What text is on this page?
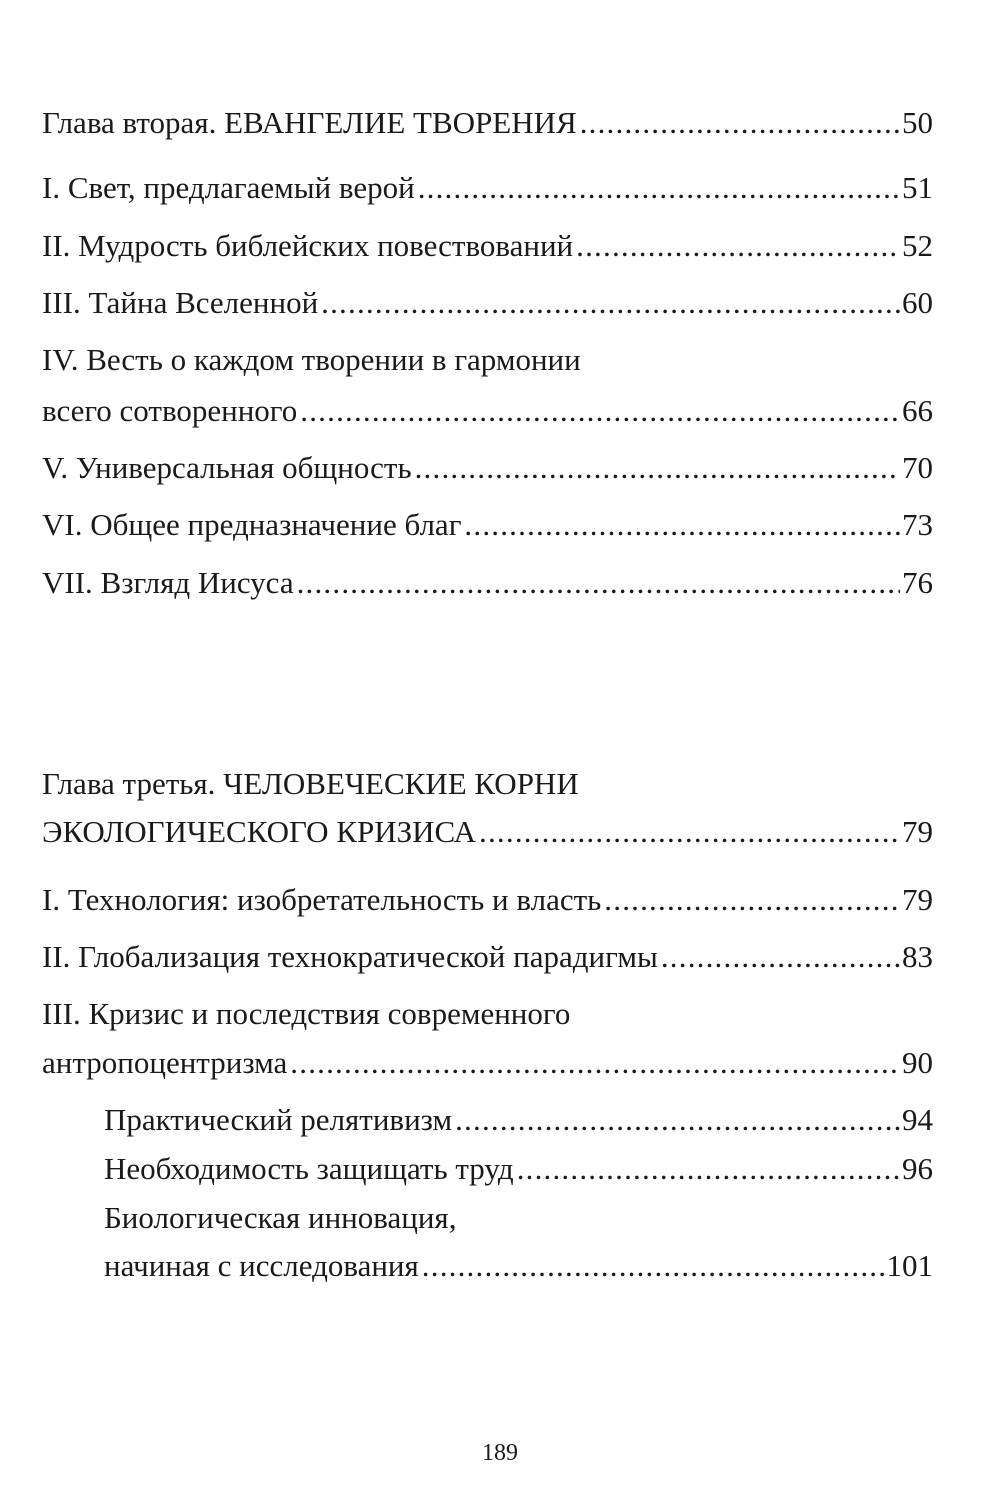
Глава вторая. ЕВАНГЕЛИЕ ТВОРЕНИЯ .....	50
I. Свет, предлагаемый верой .....	51
II. Мудрость библейских повествований .....	52
III. Тайна Вселенной .....	60
IV. Весть о каждом творении в гармонии
всего сотворенного .....	66
V. Универсальная общность .....	70
VI. Общее предназначение благ .....	73
VII. Взгляд Иисуса .....	76
Глава третья. ЧЕЛОВЕЧЕСКИЕ КОРНИ
ЭКОЛОГИЧЕСКОГО КРИЗИСА .....	79
I. Технология: изобретательность и власть .....	79
II. Глобализация технократической парадигмы .....	83
III. Кризис и последствия современного
антропоцентризма .....	90
Практический релятивизм .....	94
Необходимость защищать труд .....	96
Биологическая инновация,
начиная с исследования .....	101
189
